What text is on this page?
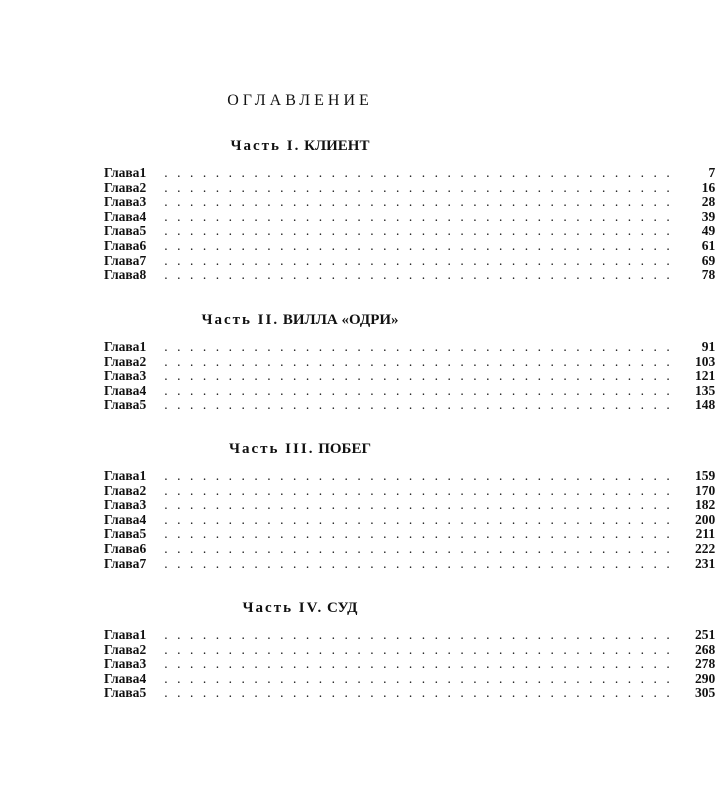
ОГЛАВЛЕНИЕ
Часть I. КЛИЕНТ
Глава 1 ........................................	7
Глава 2 ........................................	16
Глава 3 ........................................	28
Глава 4 ........................................	39
Глава 5 ........................................	49
Глава 6 ........................................	61
Глава 7 ........................................	69
Глава 8 ........................................	78
Часть II. ВИЛЛА «ОДРИ»
Глава 1 ........................................	91
Глава 2 ........................................	103
Глава 3 ........................................	121
Глава 4 ........................................	135
Глава 5 ........................................	148
Часть III. ПОБЕГ
Глава 1 ........................................	159
Глава 2 ........................................	170
Глава 3 ........................................	182
Глава 4 ........................................	200
Глава 5 ........................................	211
Глава 6 ........................................	222
Глава 7 ........................................	231
Часть IV. СУД
Глава 1 ........................................	251
Глава 2 ........................................	268
Глава 3 ........................................	278
Глава 4 ........................................	290
Глава 5 ........................................	305
